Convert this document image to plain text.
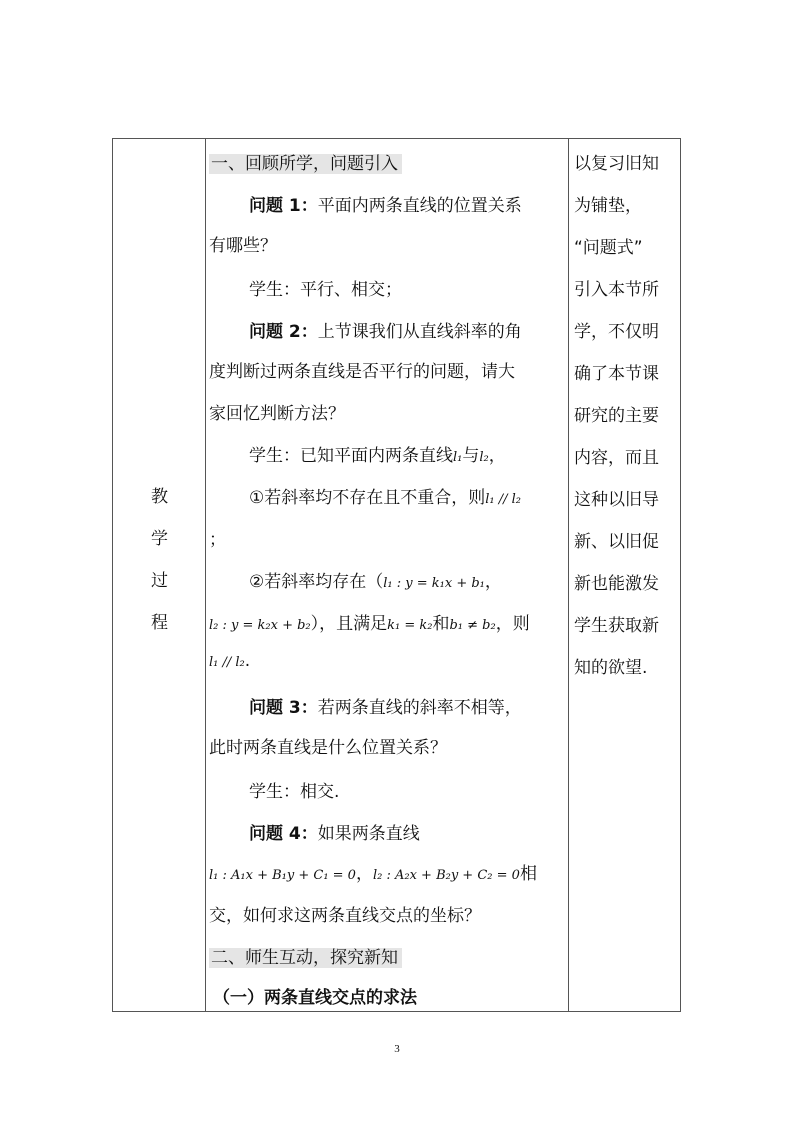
教
学
过
程
一、回顾所学，问题引入
问题 1：平面内两条直线的位置关系
有哪些？
学生：平行、相交；
问题 2：上节课我们从直线斜率的角
度判断过两条直线是否平行的问题，请大
家回忆判断方法？
学生：已知平面内两条直线l₁与l₂，
①若斜率均不存在且不重合，则l₁ // l₂
；
②若斜率均存在（l₁ : y = k₁x + b₁，
l₂ : y = k₂x + b₂），且满足k₁ = k₂和b₁ ≠ b₂，则
l₁ // l₂.
问题 3：若两条直线的斜率不相等，
此时两条直线是什么位置关系？
学生：相交.
问题 4：如果两条直线
l₁ : A₁x + B₁y + C₁ = 0，l₂ : A₂x + B₂y + C₂ = 0相
交，如何求这两条直线交点的坐标？
二、师生互动，探究新知
（一）两条直线交点的求法
以复习旧知
为铺垫，
“问题式”
引入本节所
学，不仅明
确了本节课
研究的主要
内容，而且
这种以旧导
新、以旧促
新也能激发
学生获取新
知的欲望.
3
